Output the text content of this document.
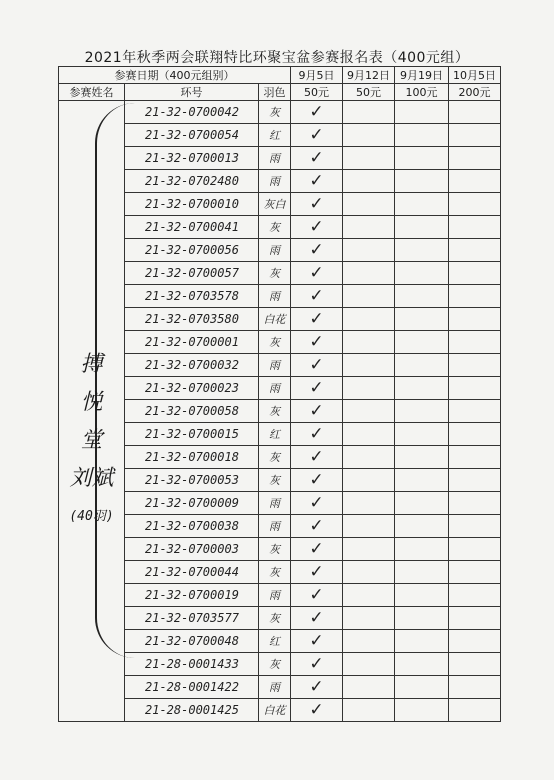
2021年秋季两会联翔特比环聚宝盆参赛报名表（400元组）
参赛日期（400元组别）			9月5日	9月12日	9月19日	10月5日
参赛姓名	环号	羽色	50元	50元	100元	200元

搏
悦
堂
刘斌
(40羽)	21-32-0700042	灰	✓			
	21-32-0700054	红	✓			
	21-32-0700013	雨	✓			
	21-32-0702480	雨	✓			
	21-32-0700010	灰白	✓			
	21-32-0700041	灰	✓			
	21-32-0700056	雨	✓			
	21-32-0700057	灰	✓			
	21-32-0703578	雨	✓			
	21-32-0703580	白花	✓			
	21-32-0700001	灰	✓			
	21-32-0700032	雨	✓			
	21-32-0700023	雨	✓			
	21-32-0700058	灰	✓			
	21-32-0700015	红	✓			
	21-32-0700018	灰	✓			
	21-32-0700053	灰	✓			
	21-32-0700009	雨	✓			
	21-32-0700038	雨	✓			
	21-32-0700003	灰	✓			
	21-32-0700044	灰	✓			
	21-32-0700019	雨	✓			
	21-32-0703577	灰	✓			
	21-32-0700048	红	✓			
	21-28-0001433	灰	✓			
	21-28-0001422	雨	✓			
	21-28-0001425	白花	✓			
